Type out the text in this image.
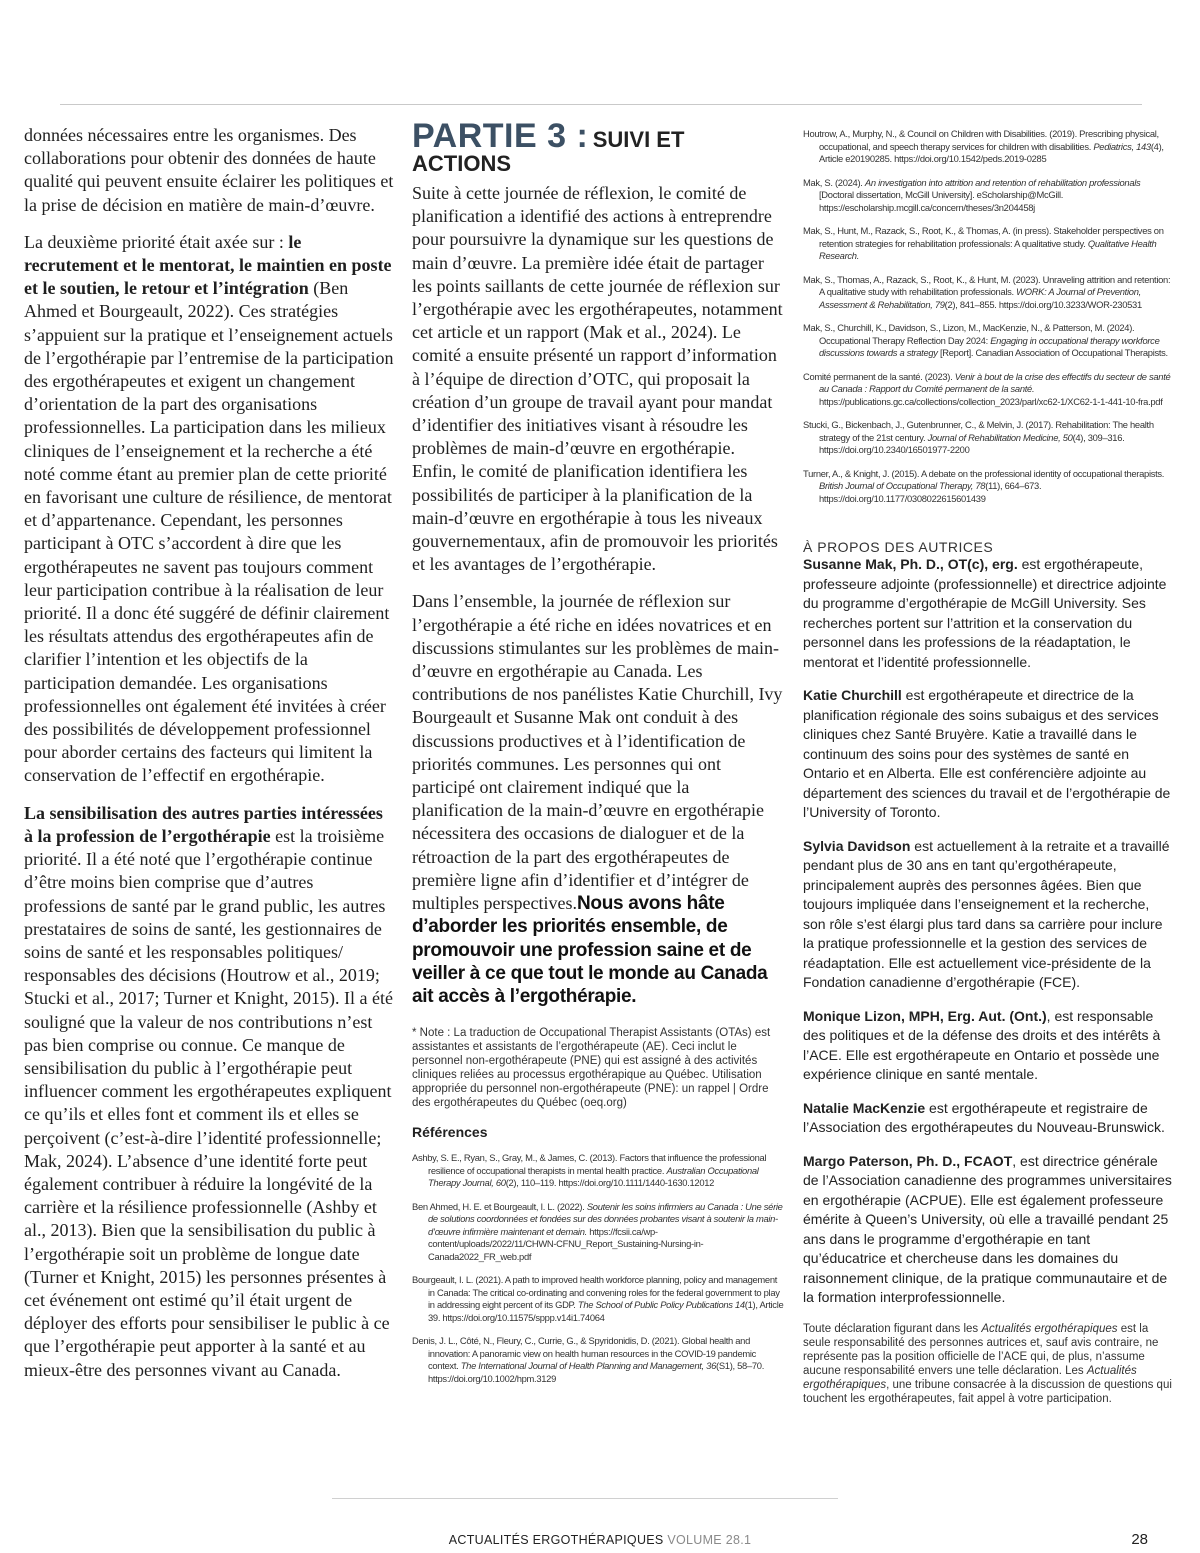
données nécessaires entre les organismes. Des collaborations pour obtenir des données de haute qualité qui peuvent ensuite éclairer les politiques et la prise de décision en matière de main-d’œuvre.

La deuxième priorité était axée sur : le recrutement et le mentorat, le maintien en poste et le soutien, le retour et l’intégration (Ben Ahmed et Bourgeault, 2022). Ces stratégies s’appuient sur la pratique et l’enseignement actuels de l’ergothérapie par l’entremise de la participation des ergothérapeutes et exigent un changement d’orientation de la part des organisations professionnelles. La participation dans les milieux cliniques de l’enseignement et la recherche a été noté comme étant au premier plan de cette priorité en favorisant une culture de résilience, de mentorat et d’appartenance. Cependant, les personnes participant à OTC s’accordent à dire que les ergothérapeutes ne savent pas toujours comment leur participation contribue à la réalisation de leur priorité. Il a donc été suggéré de définir clairement les résultats attendus des ergothérapeutes afin de clarifier l’intention et les objectifs de la participation demandée. Les organisations professionnelles ont également été invitées à créer des possibilités de développement professionnel pour aborder certains des facteurs qui limitent la conservation de l’effectif en ergothérapie.

La sensibilisation des autres parties intéressées à la profession de l’ergothérapie est la troisième priorité. Il a été noté que l’ergothérapie continue d’être moins bien comprise que d’autres professions de santé par le grand public, les autres prestataires de soins de santé, les gestionnaires de soins de santé et les responsables politiques/ responsables des décisions (Houtrow et al., 2019; Stucki et al., 2017; Turner et Knight, 2015). Il a été souligné que la valeur de nos contributions n’est pas bien comprise ou connue. Ce manque de sensibilisation du public à l’ergothérapie peut influencer comment les ergothérapeutes expliquent ce qu’ils et elles font et comment ils et elles se perçoivent (c’est-à-dire l’identité professionnelle; Mak, 2024). L’absence d’une identité forte peut également contribuer à réduire la longévité de la carrière et la résilience professionnelle (Ashby et al., 2013). Bien que la sensibilisation du public à l’ergothérapie soit un problème de longue date (Turner et Knight, 2015) les personnes présentes à cet événement ont estimé qu’il était urgent de déployer des efforts pour sensibiliser le public à ce que l’ergothérapie peut apporter à la santé et au mieux-être des personnes vivant au Canada.

PARTIE 3 : SUIVI ET
ACTIONS

Suite à cette journée de réflexion, le comité de planification a identifié des actions à entreprendre pour poursuivre la dynamique sur les questions de main d’œuvre. La première idée était de partager les points saillants de cette journée de réflexion sur l’ergothérapie avec les ergothérapeutes, notamment cet article et un rapport (Mak et al., 2024). Le comité a ensuite présenté un rapport d’information à l’équipe de direction d’OTC, qui proposait la création d’un groupe de travail ayant pour mandat d’identifier des initiatives visant à résoudre les problèmes de main-d’œuvre en ergothérapie. Enfin, le comité de planification identifiera les possibilités de participer à la planification de la main-d’œuvre en ergothérapie à tous les niveaux gouvernementaux, afin de promouvoir les priorités et les avantages de l’ergothérapie.

Dans l’ensemble, la journée de réflexion sur l’ergothérapie a été riche en idées novatrices et en discussions stimulantes sur les problèmes de main-d’œuvre en ergothérapie au Canada. Les contributions de nos panélistes Katie Churchill, Ivy Bourgeault et Susanne Mak ont conduit à des discussions productives et à l’identification de priorités communes. Les personnes qui ont participé ont clairement indiqué que la planification de la main-d’œuvre en ergothérapie nécessitera des occasions de dialoguer et de la rétroaction de la part des ergothérapeutes de première ligne afin d’identifier et d’intégrer de multiples perspectives.Nous avons hâte d’aborder les priorités ensemble, de promouvoir une profession saine et de veiller à ce que tout le monde au Canada ait accès à l’ergothérapie.

* Note : La traduction de Occupational Therapist Assistants (OTAs) est assistantes et assistants de l’ergothérapeute (AE). Ceci inclut le personnel non-ergothérapeute (PNE) qui est assigné à des activités cliniques reliées au processus ergothérapique au Québec. Utilisation appropriée du personnel non-ergothérapeute (PNE): un rappel | Ordre des ergothérapeutes du Québec (oeq.org)
Références
Ashby, S. E., Ryan, S., Gray, M., & James, C. (2013). Factors that influence the professional resilience of occupational therapists in mental health practice. Australian Occupational Therapy Journal, 60(2), 110–119. https://doi.org/10.1111/1440-1630.12012
Ben Ahmed, H. E. et Bourgeault, I. L. (2022). Soutenir les soins infirmiers au Canada : Une série de solutions coordonnées et fondées sur des données probantes visant à soutenir la main-d’œuvre infirmière maintenant et demain. https://fcsii.ca/wp-content/uploads/2022/11/CHWN-CFNU_Report_Sustaining-Nursing-in-Canada2022_FR_web.pdf
Bourgeault, I. L. (2021). A path to improved health workforce planning, policy and management in Canada: The critical co-ordinating and convening roles for the federal government to play in addressing eight percent of its GDP. The School of Public Policy Publications 14(1), Article 39. https://doi.org/10.11575/sppp.v14i1.74064
Denis, J. L., Côté, N., Fleury, C., Currie, G., & Spyridonidis, D. (2021). Global health and innovation: A panoramic view on health human resources in the COVID-19 pandemic context. The International Journal of Health Planning and Management, 36(S1), 58–70. https://doi.org/10.1002/hpm.3129
Houtrow, A., Murphy, N., & Council on Children with Disabilities. (2019). Prescribing physical, occupational, and speech therapy services for children with disabilities. Pediatrics, 143(4), Article e20190285. https://doi.org/10.1542/peds.2019-0285
Mak, S. (2024). An investigation into attrition and retention of rehabilitation professionals [Doctoral dissertation, McGill University]. eScholarship@McGill. https://escholarship.mcgill.ca/concern/theses/3n204458j
Mak, S., Hunt, M., Razack, S., Root, K., & Thomas, A. (in press). Stakeholder perspectives on retention strategies for rehabilitation professionals: A qualitative study. Qualitative Health Research.
Mak, S., Thomas, A., Razack, S., Root, K., & Hunt, M. (2023). Unraveling attrition and retention: A qualitative study with rehabilitation professionals. WORK: A Journal of Prevention, Assessment & Rehabilitation, 79(2), 841–855. https://doi.org/10.3233/WOR-230531
Mak, S., Churchill, K., Davidson, S., Lizon, M., MacKenzie, N., & Patterson, M. (2024). Occupational Therapy Reflection Day 2024: Engaging in occupational therapy workforce discussions towards a strategy [Report]. Canadian Association of Occupational Therapists.
Comité permanent de la santé. (2023). Venir à bout de la crise des effectifs du secteur de santé au Canada : Rapport du Comité permanent de la santé. https://publications.gc.ca/collections/collection_2023/parl/xc62-1/XC62-1-1-441-10-fra.pdf
Stucki, G., Bickenbach, J., Gutenbrunner, C., & Melvin, J. (2017). Rehabilitation: The health strategy of the 21st century. Journal of Rehabilitation Medicine, 50(4), 309–316. https://doi.org/10.2340/16501977-2200
Turner, A., & Knight, J. (2015). A debate on the professional identity of occupational therapists. British Journal of Occupational Therapy, 78(11), 664–673. https://doi.org/10.1177/0308022615601439
À PROPOS DES AUTRICES
Susanne Mak, Ph. D., OT(c), erg. est ergothérapeute, professeure adjointe (professionnelle) et directrice adjointe du programme d’ergothérapie de McGill University. Ses recherches portent sur l’attrition et la conservation du personnel dans les professions de la réadaptation, le mentorat et l’identité professionnelle.
Katie Churchill est ergothérapeute et directrice de la planification régionale des soins subaigus et des services cliniques chez Santé Bruyère. Katie a travaillé dans le continuum des soins pour des systèmes de santé en Ontario et en Alberta. Elle est conférencière adjointe au département des sciences du travail et de l’ergothérapie de l’University of Toronto.
Sylvia Davidson est actuellement à la retraite et a travaillé pendant plus de 30 ans en tant qu’ergothérapeute, principalement auprès des personnes âgées. Bien que toujours impliquée dans l’enseignement et la recherche, son rôle s’est élargi plus tard dans sa carrière pour inclure la pratique professionnelle et la gestion des services de réadaptation. Elle est actuellement vice-présidente de la Fondation canadienne d’ergothérapie (FCE).
Monique Lizon, MPH, Erg. Aut. (Ont.), est responsable des politiques et de la défense des droits et des intérêts à l’ACE. Elle est ergothérapeute en Ontario et possède une expérience clinique en santé mentale.
Natalie MacKenzie est ergothérapeute et registraire de l’Association des ergothérapeutes du Nouveau-Brunswick.
Margo Paterson, Ph. D., FCAOT, est directrice générale de l’Association canadienne des programmes universitaires en ergothérapie (ACPUE). Elle est également professeure émérite à Queen’s University, où elle a travaillé pendant 25 ans dans le programme d’ergothérapie en tant qu’éducatrice et chercheuse dans les domaines du raisonnement clinique, de la pratique communautaire et de la formation interprofessionnelle.
Toute déclaration figurant dans les Actualités ergothérapiques est la seule responsabilité des personnes autrices et, sauf avis contraire, ne représente pas la position officielle de l’ACE qui, de plus, n’assume aucune responsabilité envers une telle déclaration. Les Actualités ergothérapiques, une tribune consacrée à la discussion de questions qui touchent les ergothérapeutes, fait appel à votre participation.
ACTUALITÉS ERGOTHÉRAPIQUES VOLUME 28.1	28
